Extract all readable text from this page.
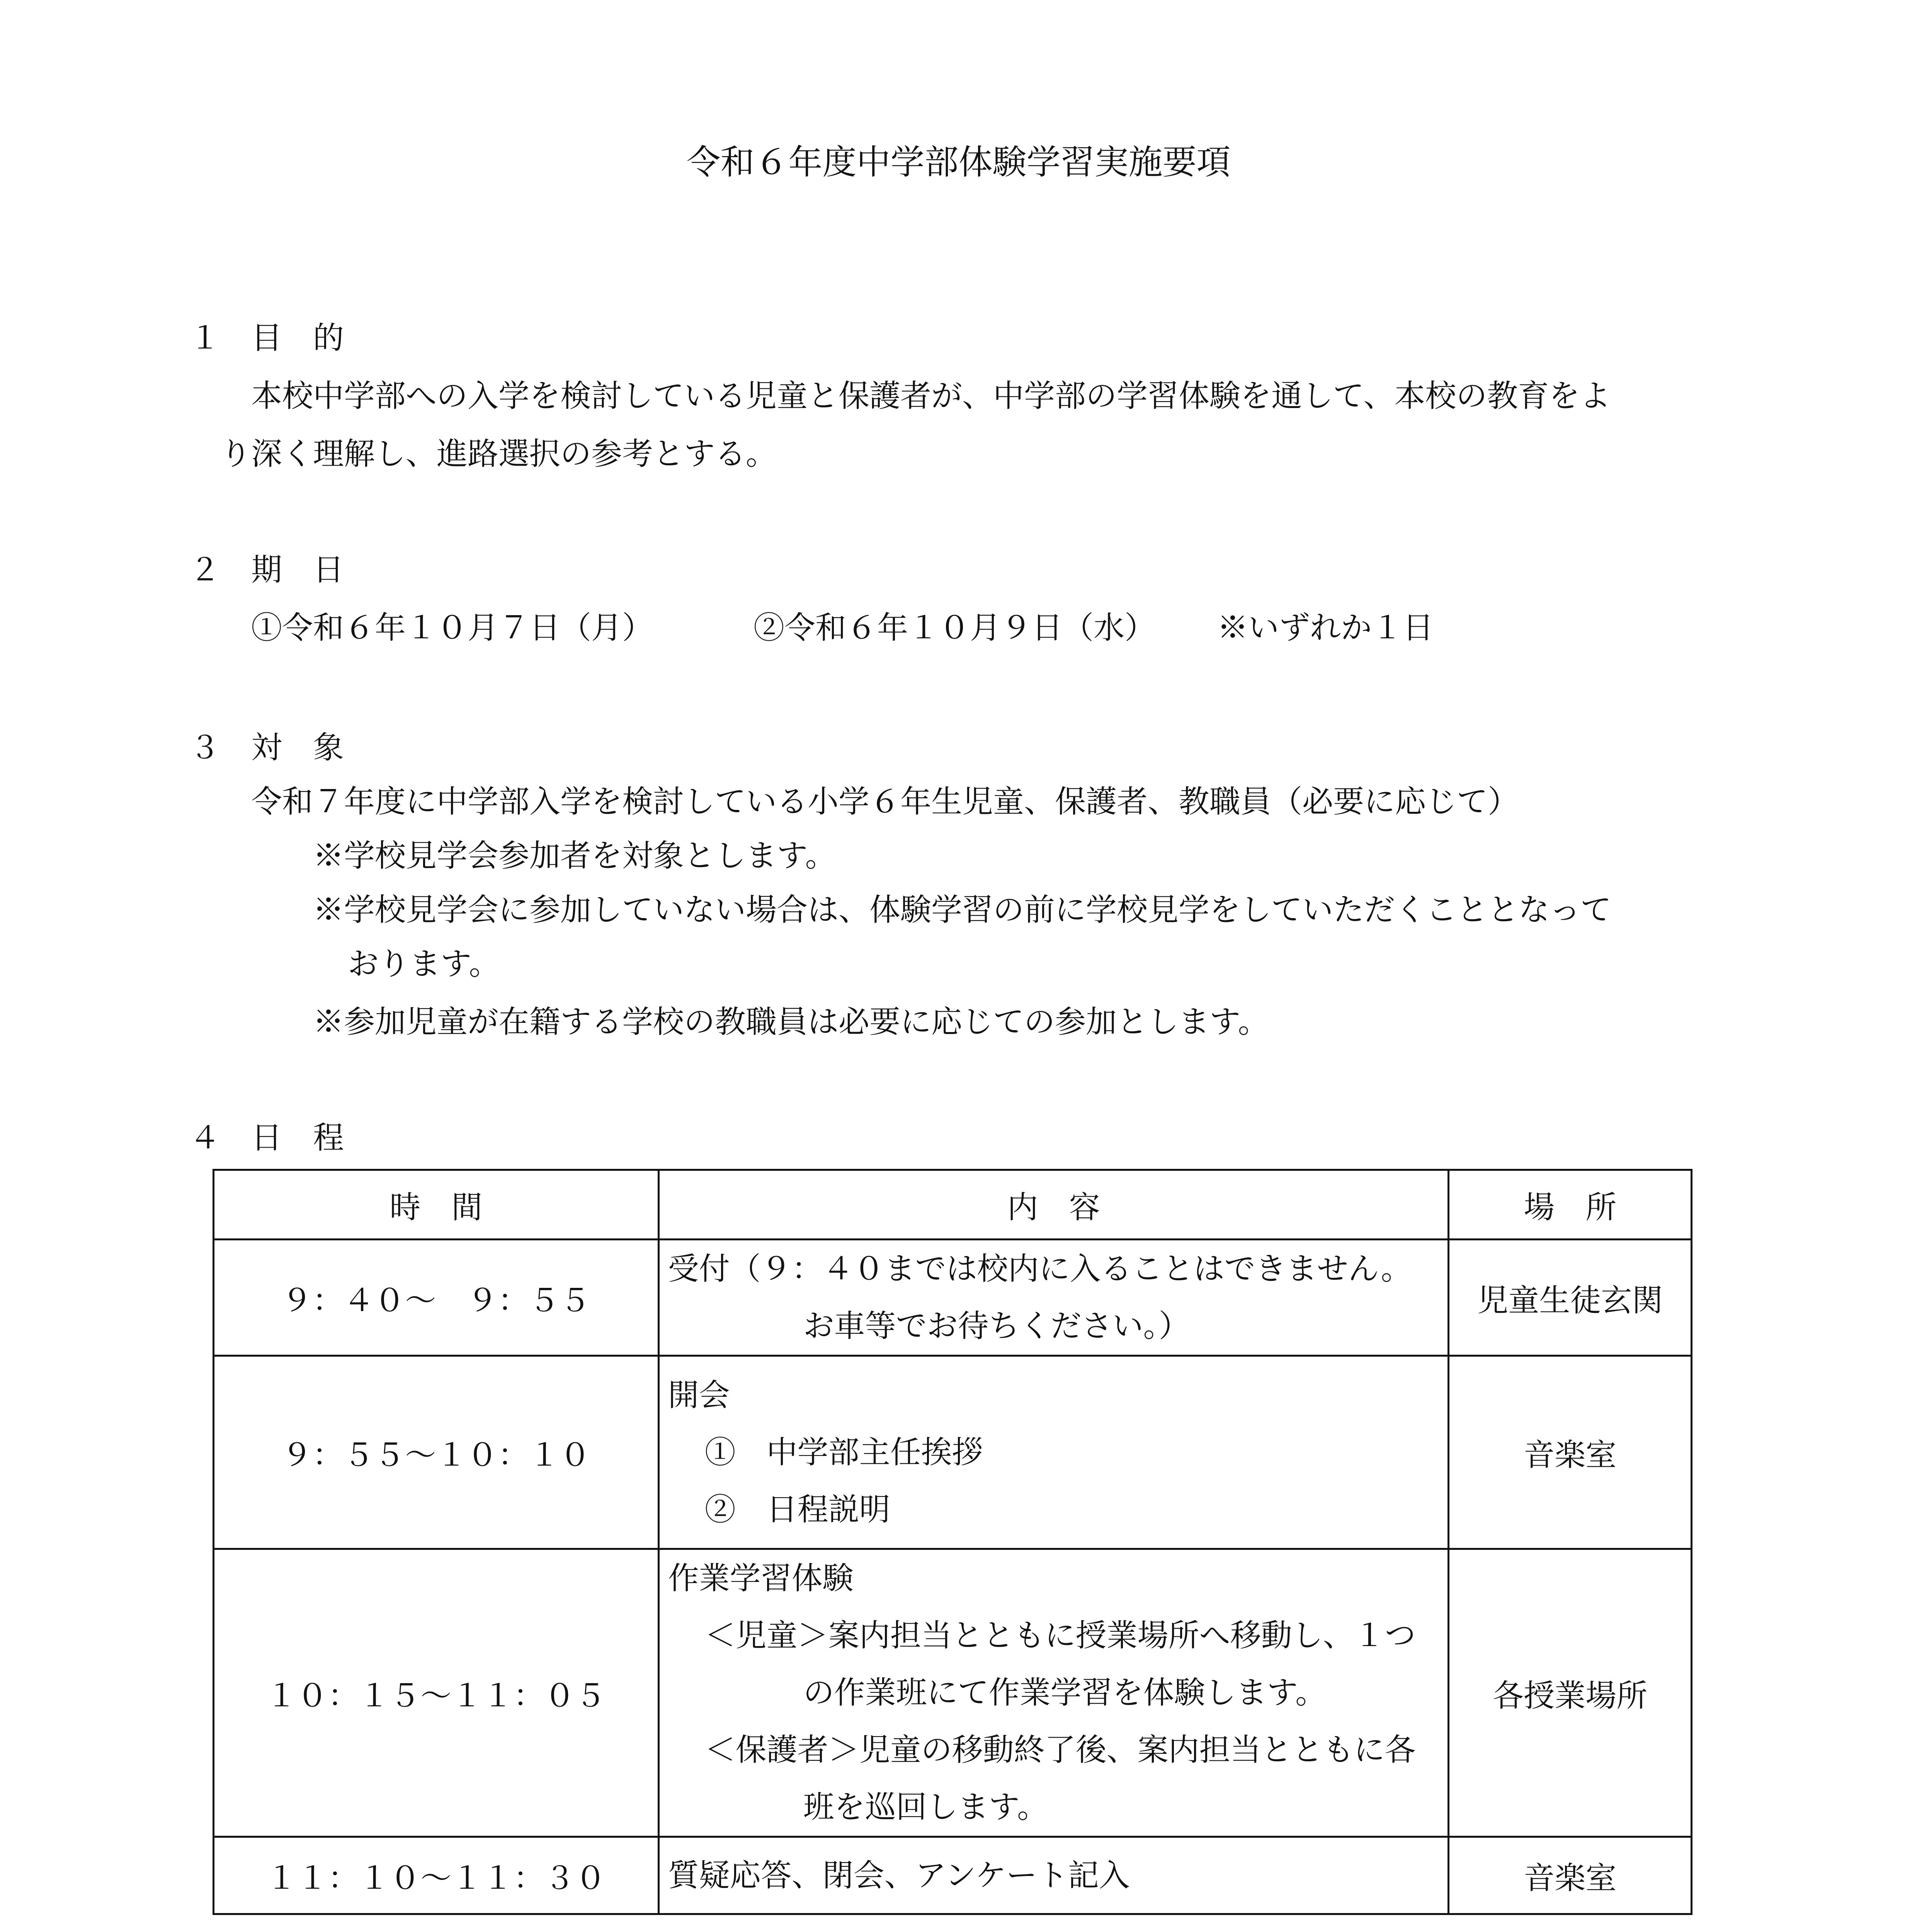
令和６年度中学部体験学習実施要項
１ 目　的
本校中学部への入学を検討している児童と保護者が、中学部の学習体験を通して、本校の教育をよ
り深く理解し、進路選択の参考とする。
２ 期　日
①令和６年１０月７日（月）	②令和６年１０月９日（水） ※いずれか１日
３ 対　象
令和７年度に中学部入学を検討している小学６年生児童、保護者、教職員（必要に応じて）
※学校見学会参加者を対象とします。
※学校見学会に参加していない場合は、体験学習の前に学校見学をしていただくこととなって
おります。
※参加児童が在籍する学校の教職員は必要に応じての参加とします。
４ 日　程
時　間	内　容	場　所
９：４０～　９：５５	受付（９：４０までは校内に入ることはできません。
お車等でお待ちください。）	児童生徒玄関
９：５５～１０：１０	開会
①　中学部主任挨拶
②　日程説明	音楽室
１０：１５～１１：０５	作業学習体験
＜児童＞案内担当とともに授業場所へ移動し、１つ
の作業班にて作業学習を体験します。
＜保護者＞児童の移動終了後、案内担当とともに各
班を巡回します。	各授業場所
１１：１０～１１：３０	質疑応答、閉会、アンケート記入	音楽室
